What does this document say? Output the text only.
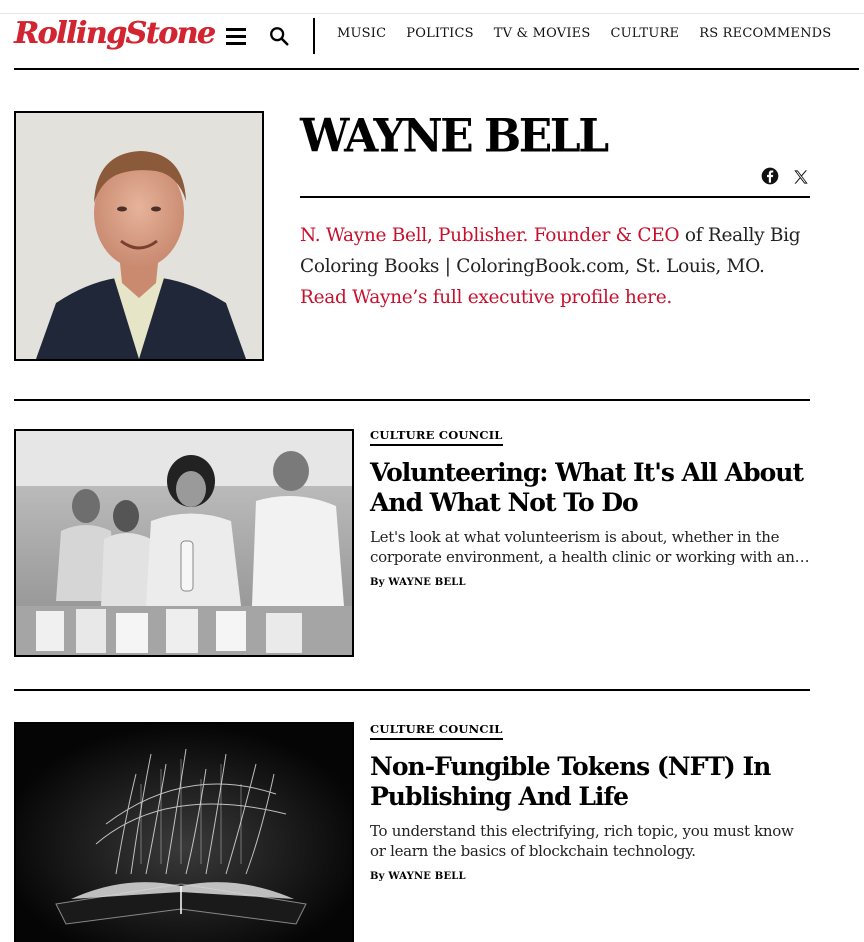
RollingStone	MUSIC POLITICS TV & MOVIES CULTURE RS RECOMMENDS
WAYNE BELL

N. Wayne Bell, Publisher. Founder & CEO of Really Big Coloring Books | ColoringBook.com, St. Louis, MO. Read Wayne’s full executive profile here.

CULTURE COUNCIL
Volunteering: What It's All About And What Not To Do

Let's look at what volunteerism is about, whether in the corporate environment, a health clinic or working with an…

By WAYNE BELL
CULTURE COUNCIL
Non-Fungible Tokens (NFT) In Publishing And Life

To understand this electrifying, rich topic, you must know or learn the basics of blockchain technology.

By WAYNE BELL
